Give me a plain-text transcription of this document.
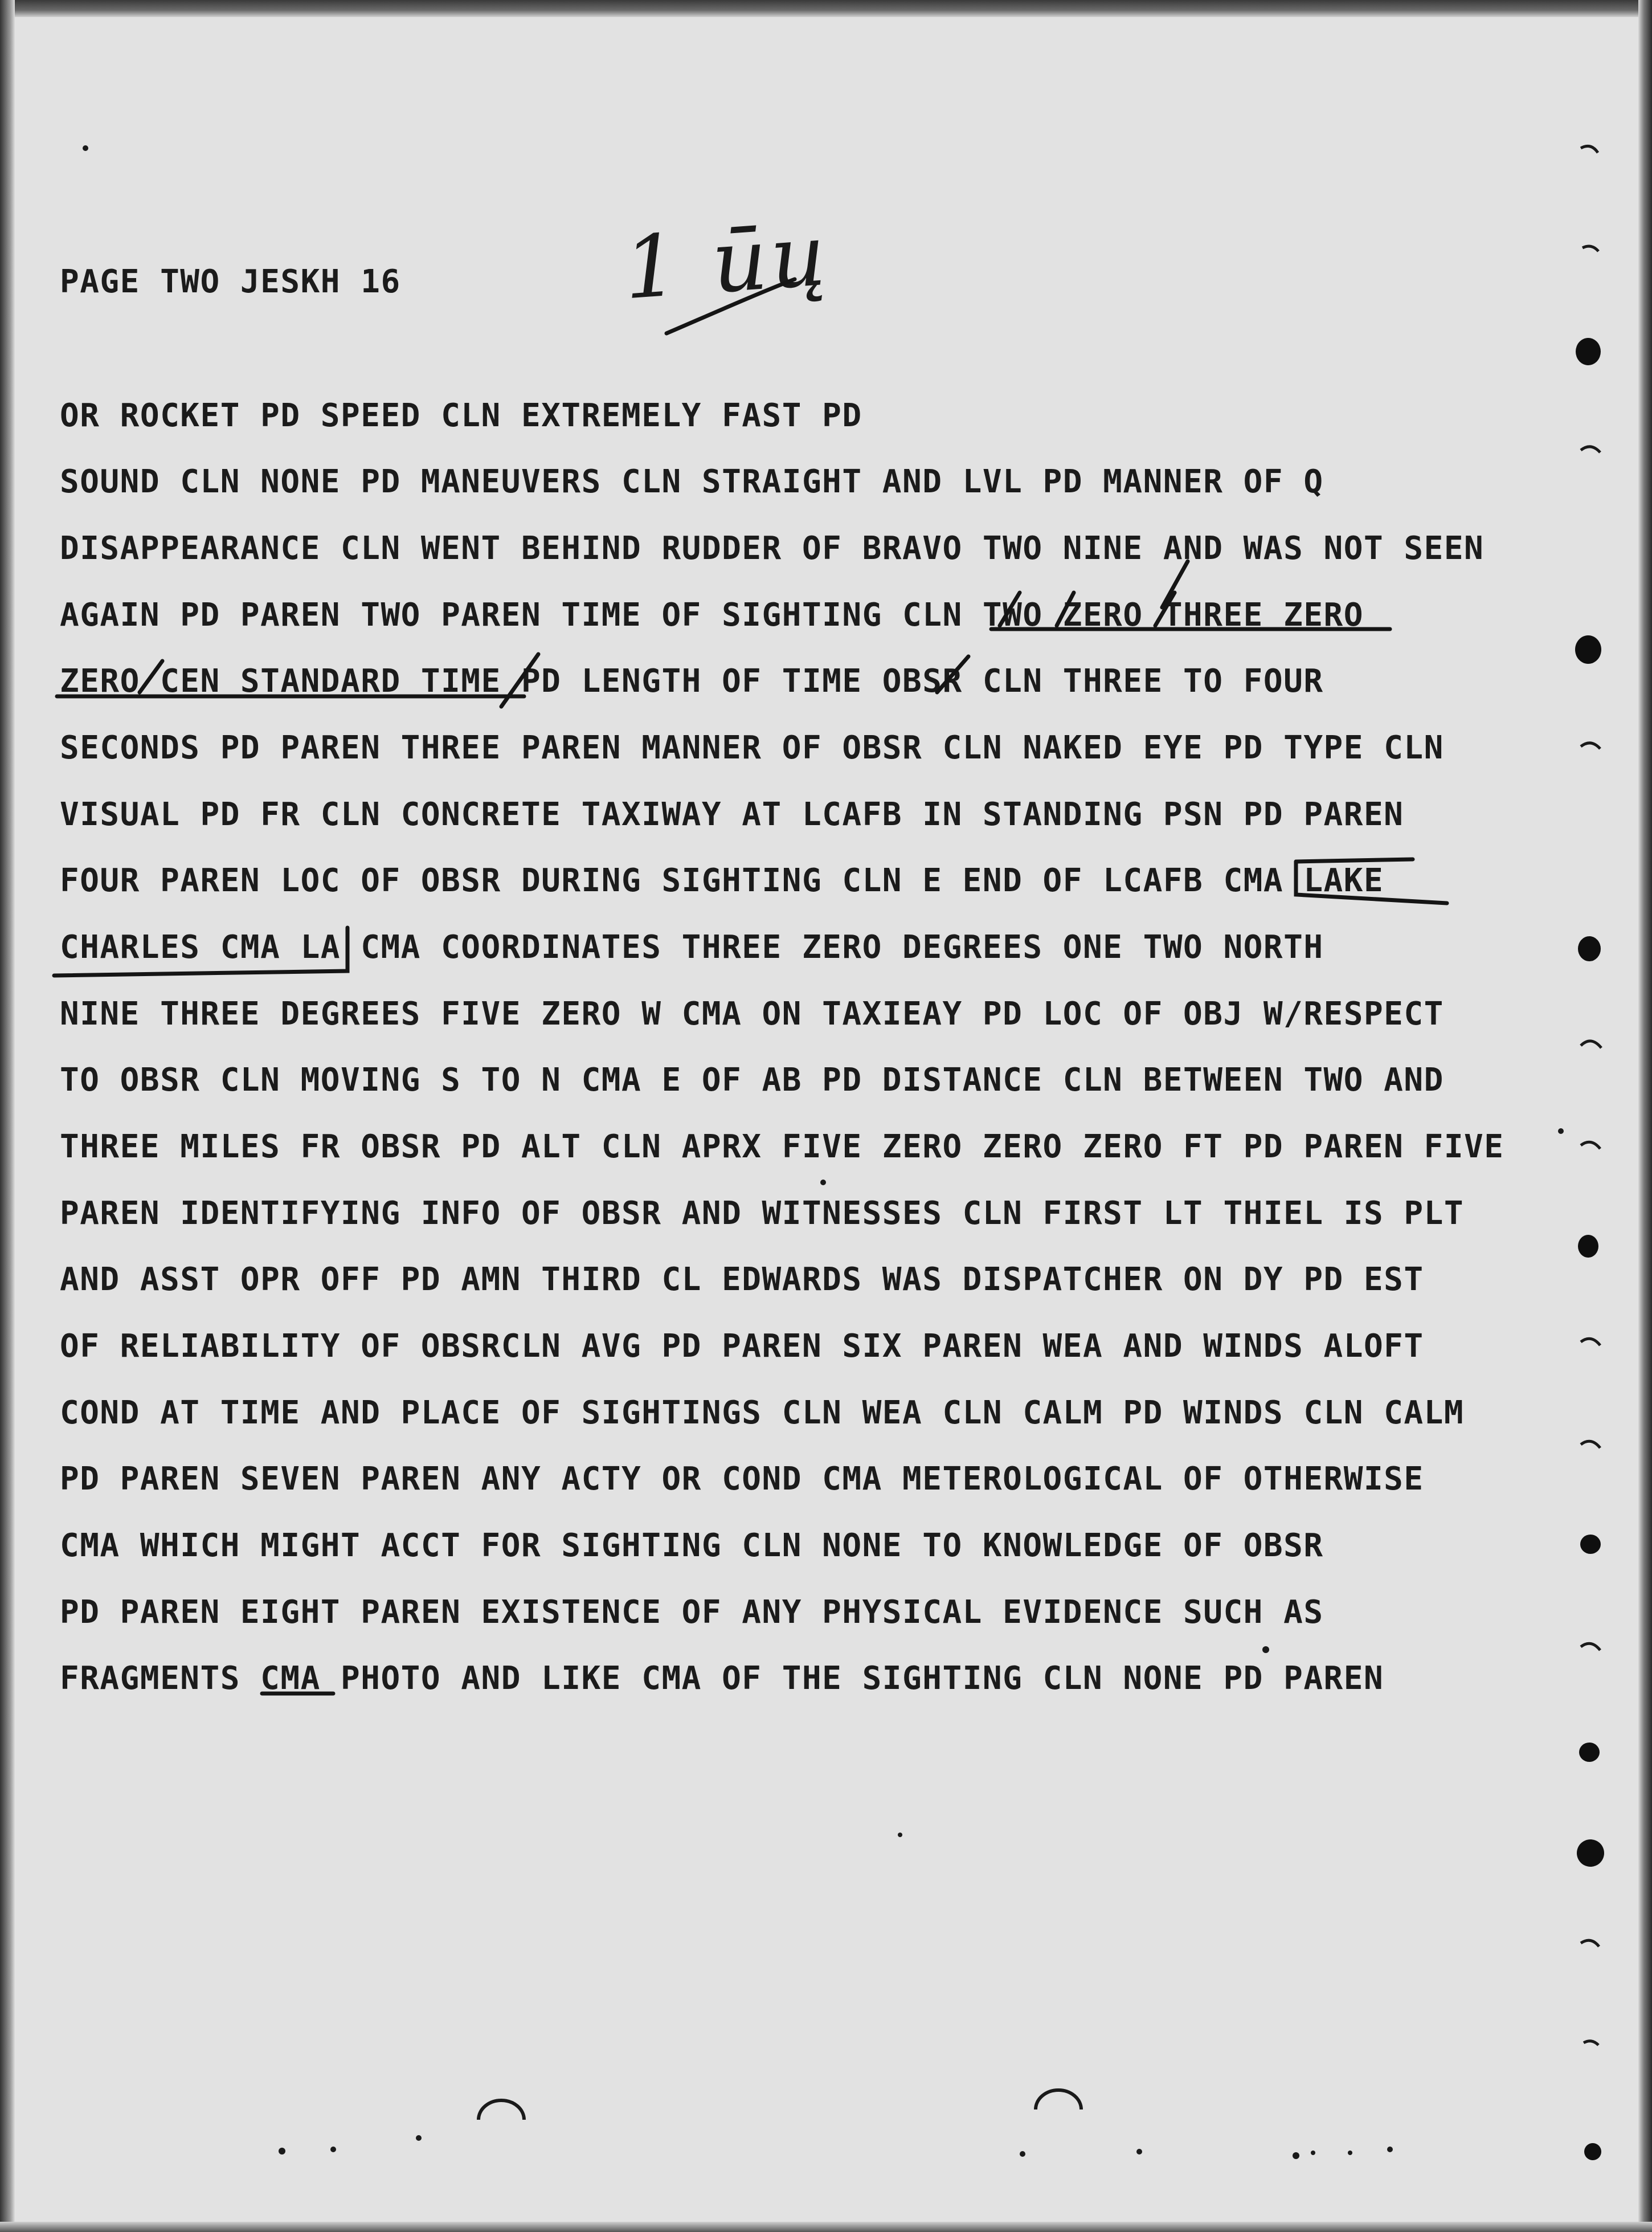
PAGE TWO JESKH 16	1 ūų

OR ROCKET PD SPEED CLN EXTREMELY FAST PD

SOUND CLN NONE PD MANEUVERS CLN STRAIGHT AND LVL PD MANNER OF Q

DISAPPEARANCE CLN WENT BEHIND RUDDER OF BRAVO TWO NINE AND WAS NOT SEEN

AGAIN PD PAREN TWO PAREN TIME OF SIGHTING CLN TWO ZERO THREE ZERO

ZERO CEN STANDARD TIME PD LENGTH OF TIME OBSR CLN THREE TO FOUR

SECONDS PD PAREN THREE PAREN MANNER OF OBSR CLN NAKED EYE PD TYPE CLN

VISUAL PD FR CLN CONCRETE TAXIWAY AT LCAFB IN STANDING PSN PD PAREN

FOUR PAREN LOC OF OBSR DURING SIGHTING CLN E END OF LCAFB CMA LAKE

CHARLES CMA LA CMA COORDINATES THREE ZERO DEGREES ONE TWO NORTH

NINE THREE DEGREES FIVE ZERO W CMA ON TAXIEAY PD LOC OF OBJ W/RESPECT

TO OBSR CLN MOVING S TO N CMA E OF AB PD DISTANCE CLN BETWEEN TWO AND

THREE MILES FR OBSR PD ALT CLN APRX FIVE ZERO ZERO ZERO FT PD PAREN FIVE

PAREN IDENTIFYING INFO OF OBSR AND WITNESSES CLN FIRST LT THIEL IS PLT

AND ASST OPR OFF PD AMN THIRD CL EDWARDS WAS DISPATCHER ON DY PD EST

OF RELIABILITY OF OBSRCLN AVG PD PAREN SIX PAREN WEA AND WINDS ALOFT

COND AT TIME AND PLACE OF SIGHTINGS CLN WEA CLN CALM PD WINDS CLN CALM

PD PAREN SEVEN PAREN ANY ACTY OR COND CMA METEROLOGICAL OF OTHERWISE

CMA WHICH MIGHT ACCT FOR SIGHTING CLN NONE TO KNOWLEDGE OF OBSR

PD PAREN EIGHT PAREN EXISTENCE OF ANY PHYSICAL EVIDENCE SUCH AS

FRAGMENTS CMA PHOTO AND LIKE CMA OF THE SIGHTING CLN NONE PD PAREN
